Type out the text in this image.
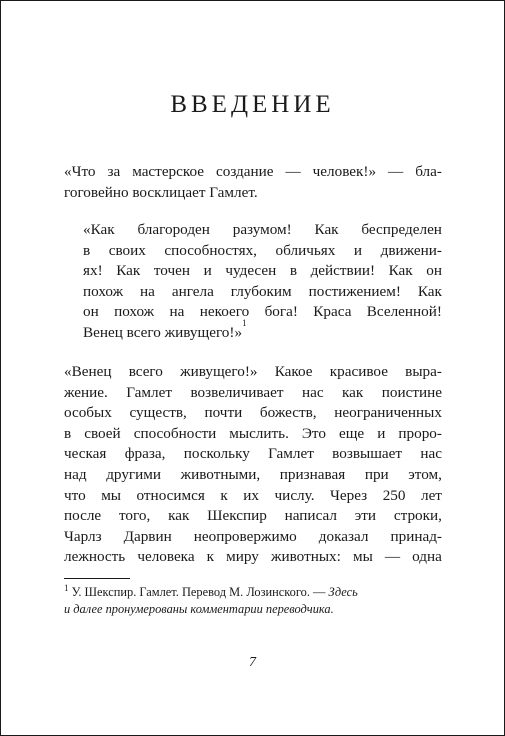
ВВЕДЕНИЕ
«Что за мастерское создание — человек!» — бла-
гоговейно восклицает Гамлет.
«Как благороден разумом! Как беспределен
в своих способностях, обличьях и движени-
ях! Как точен и чудесен в действии! Как он
похож на ангела глубоким постижением! Как
он похож на некоего бога! Краса Вселенной!
Венец всего живущего!»
1
«Венец всего живущего!» Какое красивое выра-
жение. Гамлет возвеличивает нас как поистине
особых существ, почти божеств, неограниченных
в своей способности мыслить. Это еще и проро-
ческая фраза, поскольку Гамлет возвышает нас
над другими животными, признавая при этом,
что мы относимся к их числу. Через 250 лет
после того, как Шекспир написал эти строки,
Чарлз Дарвин неопровержимо доказал принад-
лежность человека к миру животных: мы — одна
$^1$ У. Шекспир. Гамлет. Перевод М. Лозинского. — Здесь
и далее пронумерованы комментарии переводчика.
7
